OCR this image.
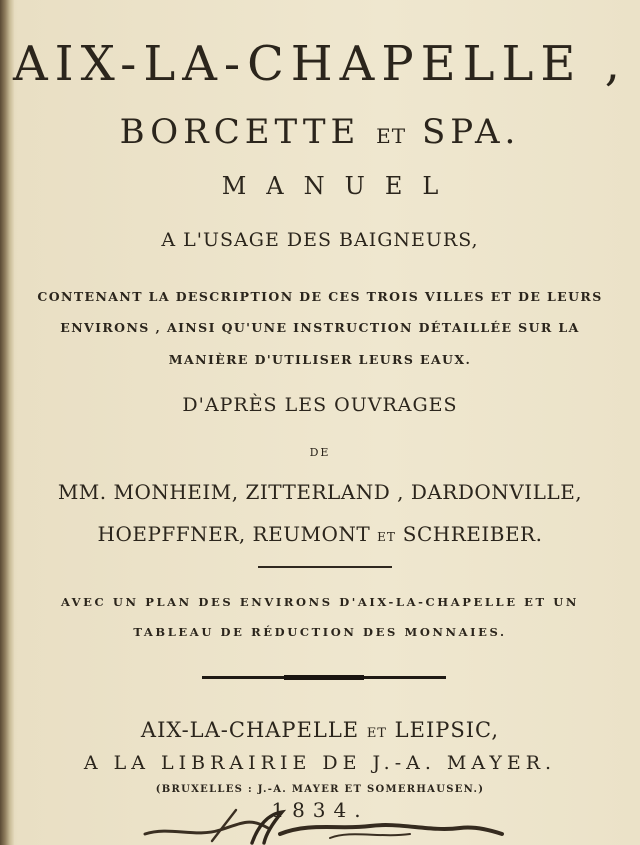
AIX-LA-CHAPELLE ,
BORCETTE ET SPA.
MANUEL
A L'USAGE DES BAIGNEURS,
CONTENANT LA DESCRIPTION DE CES TROIS VILLES ET DE LEURS
ENVIRONS , AINSI QU'UNE INSTRUCTION DÉTAILLÉE SUR LA
MANIÈRE D'UTILISER LEURS EAUX.
D'APRÈS LES OUVRAGES
DE
MM. MONHEIM, ZITTERLAND , DARDONVILLE,
HOEPFFNER, REUMONT ET SCHREIBER.
AVEC UN PLAN DES ENVIRONS D'AIX-LA-CHAPELLE ET UN
TABLEAU DE RÉDUCTION DES MONNAIES.
AIX-LA-CHAPELLE ET LEIPSIC,
A LA LIBRAIRIE DE J.-A. MAYER.
(BRUXELLES : J.-A. MAYER ET SOMERHAUSEN.)
1834.
